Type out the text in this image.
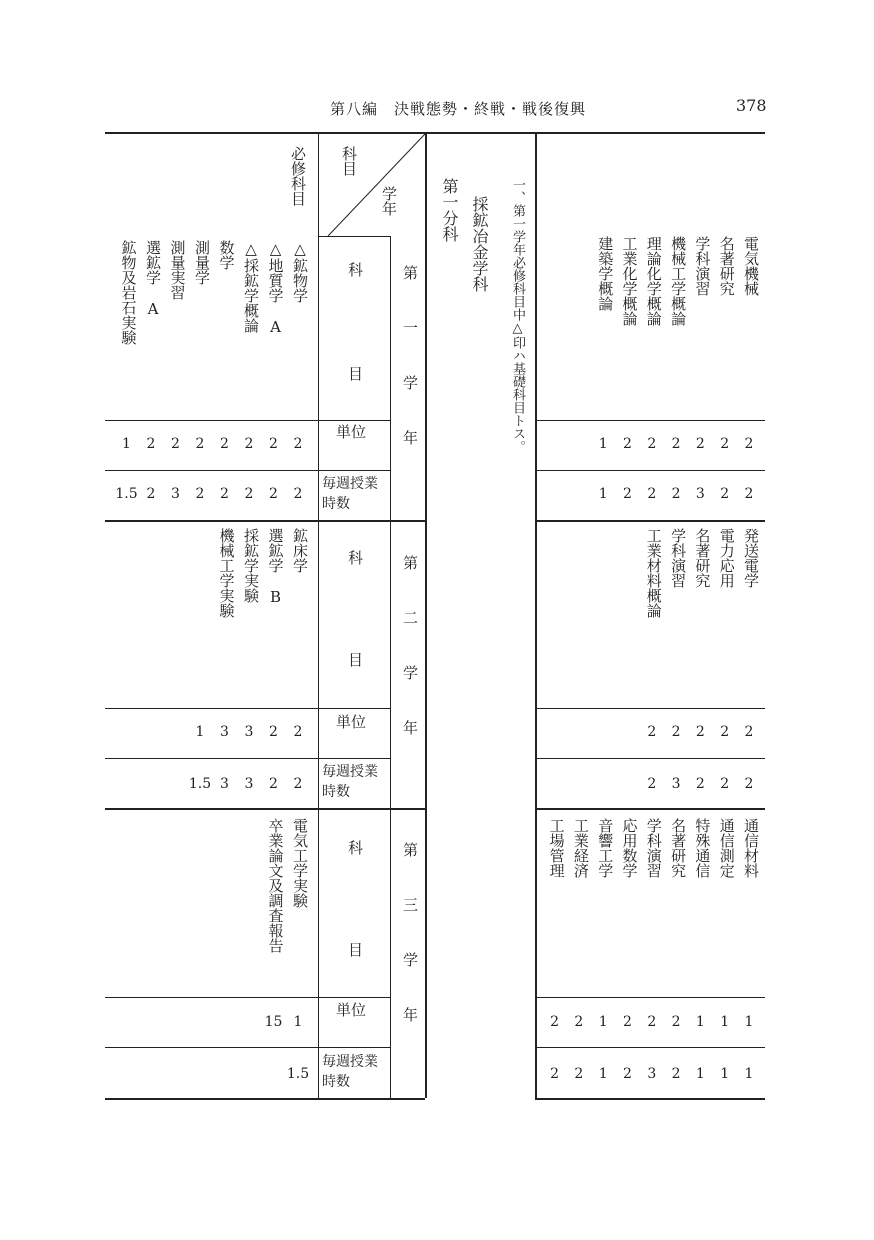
第八編　決戦態勢・終戦・戦後復興	378
科目
学年
必修科目
第一学年
第二学年
第三学年
科
目
単位
毎週授業時数
科
目
単位
毎週授業時数
科
目
単位
毎週授業時数
第一分科 採鉱冶金学科 一、第一学年必修科目中△印ハ基礎科目トス。
△鉱物学
△地質学　A
△採鉱学概論
数学
測量学
測量実習
選鉱学　A
鉱物及岩石実験
2
2
2
2
2
2
2
1
2
2
2
2
2
3
2
1.5
鉱床学
選鉱学　B
採鉱学実験
機械工学実験
2
2
3
3
1
2
2
3
3
1.5
電気工学実験
卒業論文及調査報告
1
15
1.5
電気機械
名著研究
学科演習
機械工学概論
理論化学概論
工業化学概論
建築学概論
2
2
2
2
2
2
1
2
2
3
2
2
2
1
発送電学
電力応用
名著研究
学科演習
工業材料概論
2
2
2
2
2
2
2
2
3
2
通信材料
通信測定
特殊通信
名著研究
学科演習
応用数学
音響工学
工業経済
工場管理
1
1
1
2
2
2
1
2
2
1
1
1
2
3
2
1
2
2
